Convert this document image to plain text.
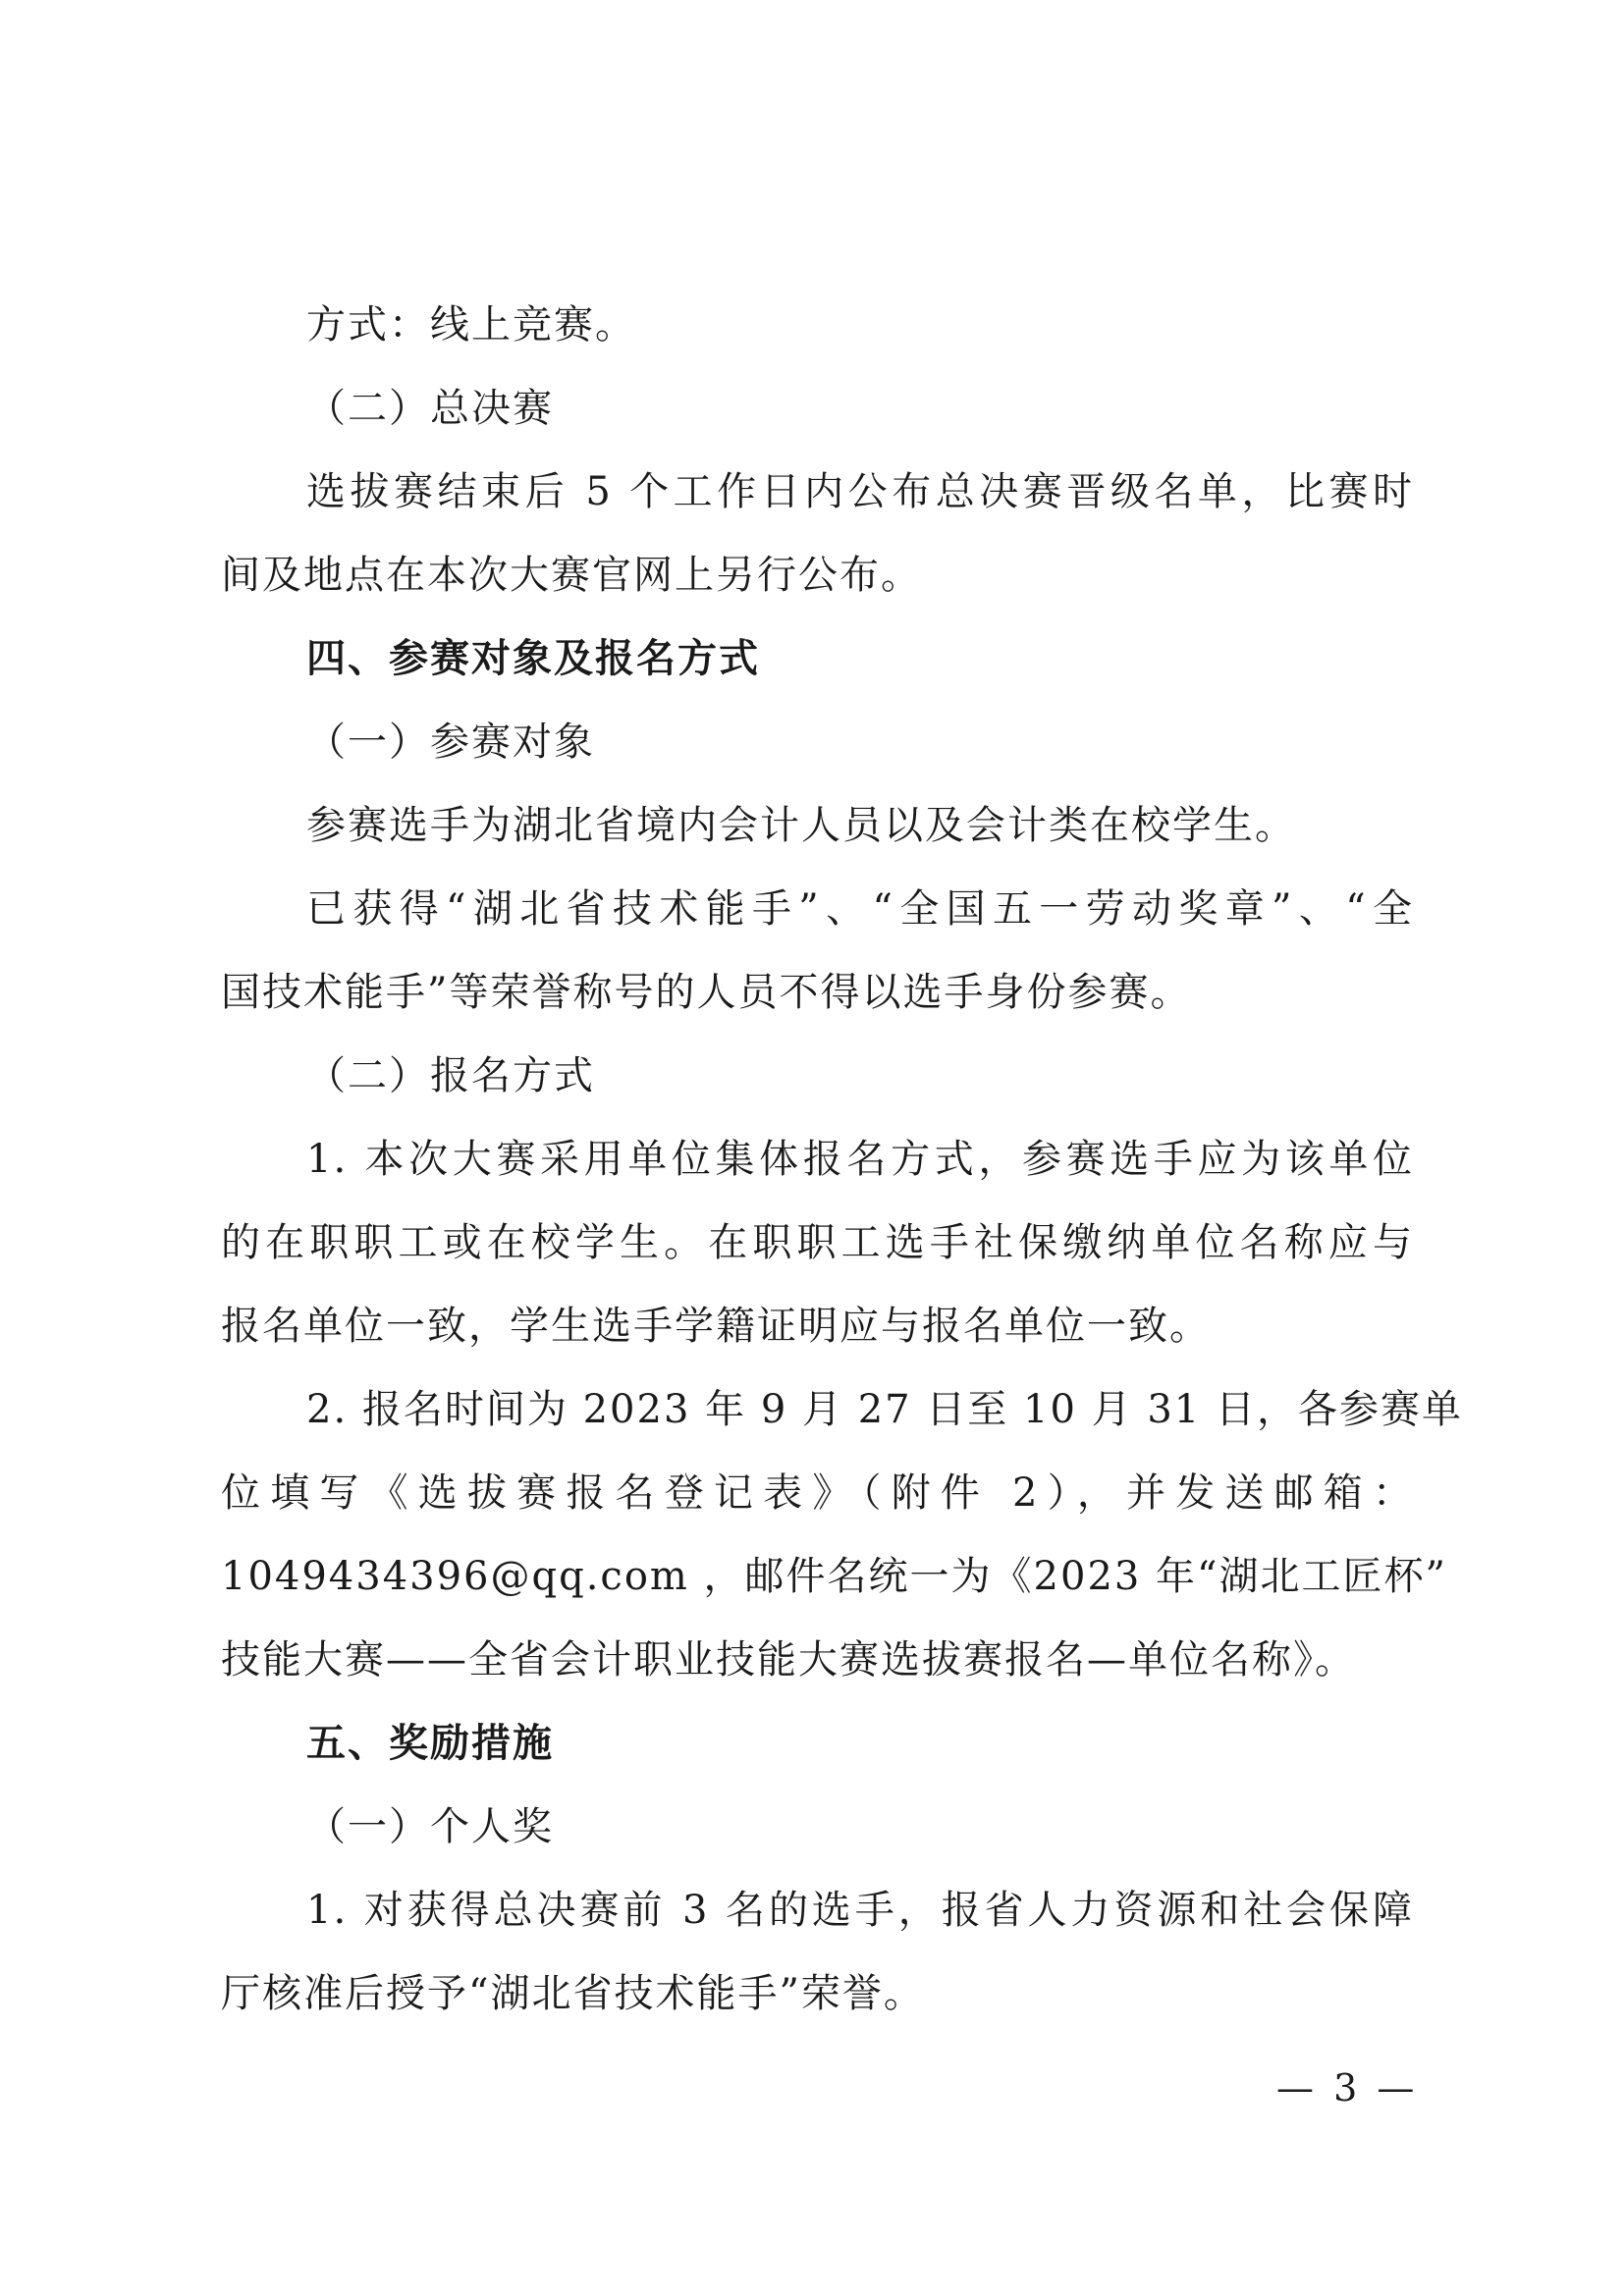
方式：线上竞赛。
（二）总决赛
选拔赛结束后 5 个工作日内公布总决赛晋级名单，比赛时
间及地点在本次大赛官网上另行公布。
四、参赛对象及报名方式
（一）参赛对象
参赛选手为湖北省境内会计人员以及会计类在校学生。
已获得“湖北省技术能手”、“全国五一劳动奖章”、“全
国技术能手”等荣誉称号的人员不得以选手身份参赛。
（二）报名方式
1. 本次大赛采用单位集体报名方式，参赛选手应为该单位
的在职职工或在校学生。在职职工选手社保缴纳单位名称应与
报名单位一致，学生选手学籍证明应与报名单位一致。
2. 报名时间为 2023 年 9 月 27 日至 10 月 31 日，各参赛单
位填写《选拔赛报名登记表》（附件 2），并发送邮箱：
1049434396@qq.com ，邮件名统一为《2023 年“湖北工匠杯”
技能大赛——全省会计职业技能大赛选拔赛报名—单位名称》。
五、奖励措施
（一）个人奖
1. 对获得总决赛前 3 名的选手，报省人力资源和社会保障
厅核准后授予“湖北省技术能手”荣誉。
— 3 —
